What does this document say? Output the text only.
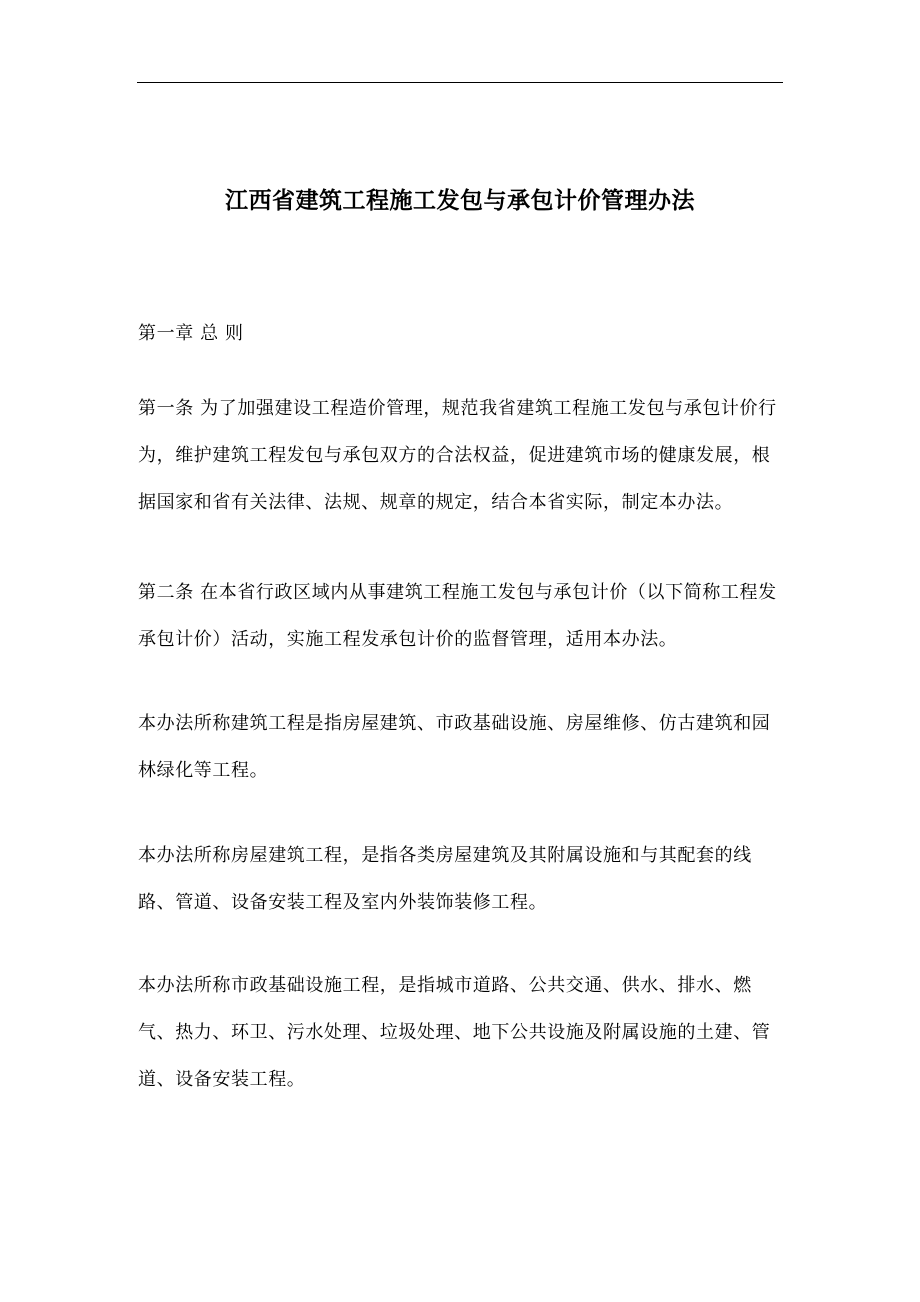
江西省建筑工程施工发包与承包计价管理办法

第一章 总 则

第一条 为了加强建设工程造价管理，规范我省建筑工程施工发包与承包计价行为，维护建筑工程发包与承包双方的合法权益，促进建筑市场的健康发展，根据国家和省有关法律、法规、规章的规定，结合本省实际，制定本办法。

第二条 在本省行政区域内从事建筑工程施工发包与承包计价（以下简称工程发承包计价）活动，实施工程发承包计价的监督管理，适用本办法。

本办法所称建筑工程是指房屋建筑、市政基础设施、房屋维修、仿古建筑和园林绿化等工程。

本办法所称房屋建筑工程，是指各类房屋建筑及其附属设施和与其配套的线路、管道、设备安装工程及室内外装饰装修工程。

本办法所称市政基础设施工程，是指城市道路、公共交通、供水、排水、燃气、热力、环卫、污水处理、垃圾处理、地下公共设施及附属设施的土建、管道、设备安装工程。
